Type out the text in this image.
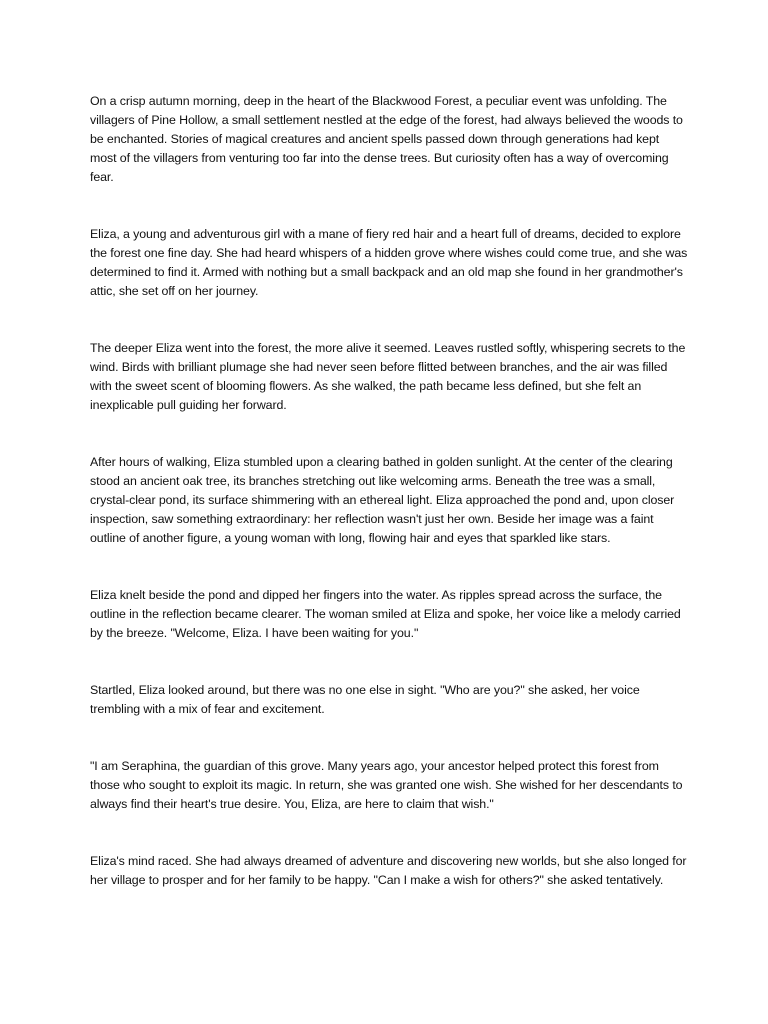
On a crisp autumn morning, deep in the heart of the Blackwood Forest, a peculiar event was unfolding. The villagers of Pine Hollow, a small settlement nestled at the edge of the forest, had always believed the woods to be enchanted. Stories of magical creatures and ancient spells passed down through generations had kept most of the villagers from venturing too far into the dense trees. But curiosity often has a way of overcoming fear.

Eliza, a young and adventurous girl with a mane of fiery red hair and a heart full of dreams, decided to explore the forest one fine day. She had heard whispers of a hidden grove where wishes could come true, and she was determined to find it. Armed with nothing but a small backpack and an old map she found in her grandmother's attic, she set off on her journey.

The deeper Eliza went into the forest, the more alive it seemed. Leaves rustled softly, whispering secrets to the wind. Birds with brilliant plumage she had never seen before flitted between branches, and the air was filled with the sweet scent of blooming flowers. As she walked, the path became less defined, but she felt an inexplicable pull guiding her forward.

After hours of walking, Eliza stumbled upon a clearing bathed in golden sunlight. At the center of the clearing stood an ancient oak tree, its branches stretching out like welcoming arms. Beneath the tree was a small, crystal-clear pond, its surface shimmering with an ethereal light. Eliza approached the pond and, upon closer inspection, saw something extraordinary: her reflection wasn't just her own. Beside her image was a faint outline of another figure, a young woman with long, flowing hair and eyes that sparkled like stars.

Eliza knelt beside the pond and dipped her fingers into the water. As ripples spread across the surface, the outline in the reflection became clearer. The woman smiled at Eliza and spoke, her voice like a melody carried by the breeze. "Welcome, Eliza. I have been waiting for you."

Startled, Eliza looked around, but there was no one else in sight. "Who are you?" she asked, her voice trembling with a mix of fear and excitement.

"I am Seraphina, the guardian of this grove. Many years ago, your ancestor helped protect this forest from those who sought to exploit its magic. In return, she was granted one wish. She wished for her descendants to always find their heart's true desire. You, Eliza, are here to claim that wish."

Eliza's mind raced. She had always dreamed of adventure and discovering new worlds, but she also longed for her village to prosper and for her family to be happy. "Can I make a wish for others?" she asked tentatively.
